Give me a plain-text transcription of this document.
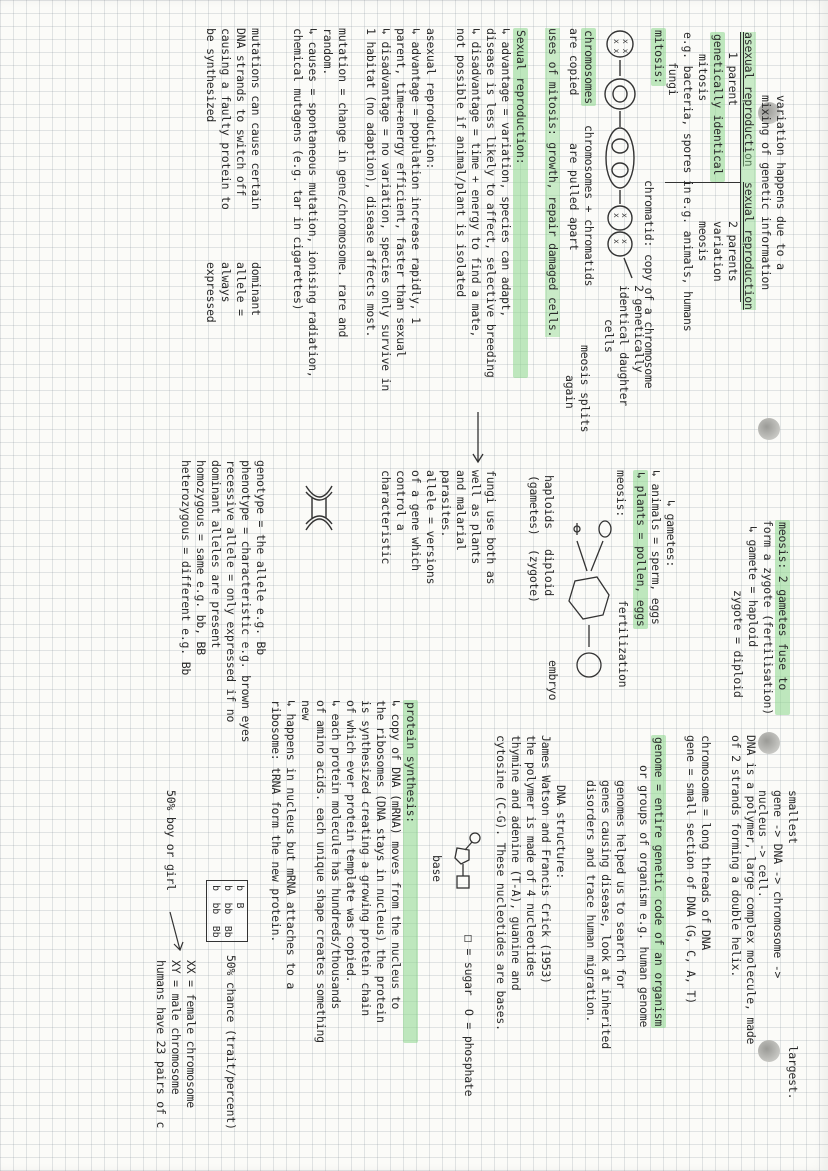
variation happens due to a
mixing of genetic information
smallest                              largest.
gene -> DNA -> chromosome ->
nucleus -> cell.
asexual reproduction
sexual reproduction
1 parent
genetically identical
mitosis
e.g. bacteria, spores in
fungi
2 parents
variation
meosis
e.g. animals, humans
meosis: 2 gametes fuse to
form a zygote (fertilisation)
↳ gamete = haploid
zygote = diploid
mitosis:
x x
x x
x
x
x
x
chromosomes
are copied
chromosomes + chromatids
are pulled apart
2 genetically
identical daughter
cells chromatid: copy of a chromosome
meosis splits
again
uses of mitosis: growth, repair damaged cells.
↳ gametes:
↳ animals = sperm, eggs
↳ plants = pollen, eggs
meosis:
fertilization
embryo
haploids   diploid
(gametes)  (zygote)
Sexual reproduction:
↳ advantage = variation, species can adapt,
disease is less likely to affect, selective breeding
↳ disadvantage = time + energy to find a mate,
not possible if animal/plant is isolated
fungi use both as
well as plants
and malarial
parasites.
asexual reproduction:
↳ advantage = population increase rapidly, 1
parent, time+energy efficient, faster than sexual
↳ disadvantage = no variation, species only survive in
1 habitat (no adaption), disease affects most.
allele = versions
of a gene which
control a
characteristic
mutation = change in gene/chromosome. rare and
random.
↳ causes = spontaneous mutation, ionising radiation,
chemical mutagens (e.g. tar in cigarettes)
mutations can cause certain
DNA strands to switch off
causing a faulty protein to
be synthesized
dominant
allele =
always
expressed
genotype = the allele e.g. Bb
phenotype = characteristic e.g. brown eyes
recessive allele = only expressed if no
dominant alleles are present
homozygous = same e.g. bb, BB
heterozygous = different e.g. Bb
50% boy or girl	DNA is a polymer, large complex molecule, made
of 2 strands forming a double helix.
chromosome = long threads of DNA
gene = small section of DNA (G, C, A, T)
genome = entire genetic code of an organism
or groups of organism e.g. human genome
genomes helped us to search for
genes causing disease, look at inherited
disorders and trace human migration.
DNA structure:
James Watson and Francis Crick (1953)
the polymer is made of 4 nucleotides
thymine and adenine (T-A), guanine and
cytosine (C-G). These nucleotides are bases.
base
□ = sugar  O = phosphate
protein synthesis:
↳ copy of DNA (mRNA) moves from the nucleus to
the ribosomes (DNA stays in nucleus) the protein
is synthesized creating a growing protein chain
of which ever protein template was copied.
↳ each protein molecule has hundreds/thousands
of amino acids. each unique shape creates something
new
↳ happens in nucleus but mRNA attaches to a
ribosome: tRNA form the new protein.
b  B
b  bb  Bb
b  bb  Bb
50% chance (trait/percent)
XX = female chromosome
XY = male chromosome
humans have 23 pairs of c
